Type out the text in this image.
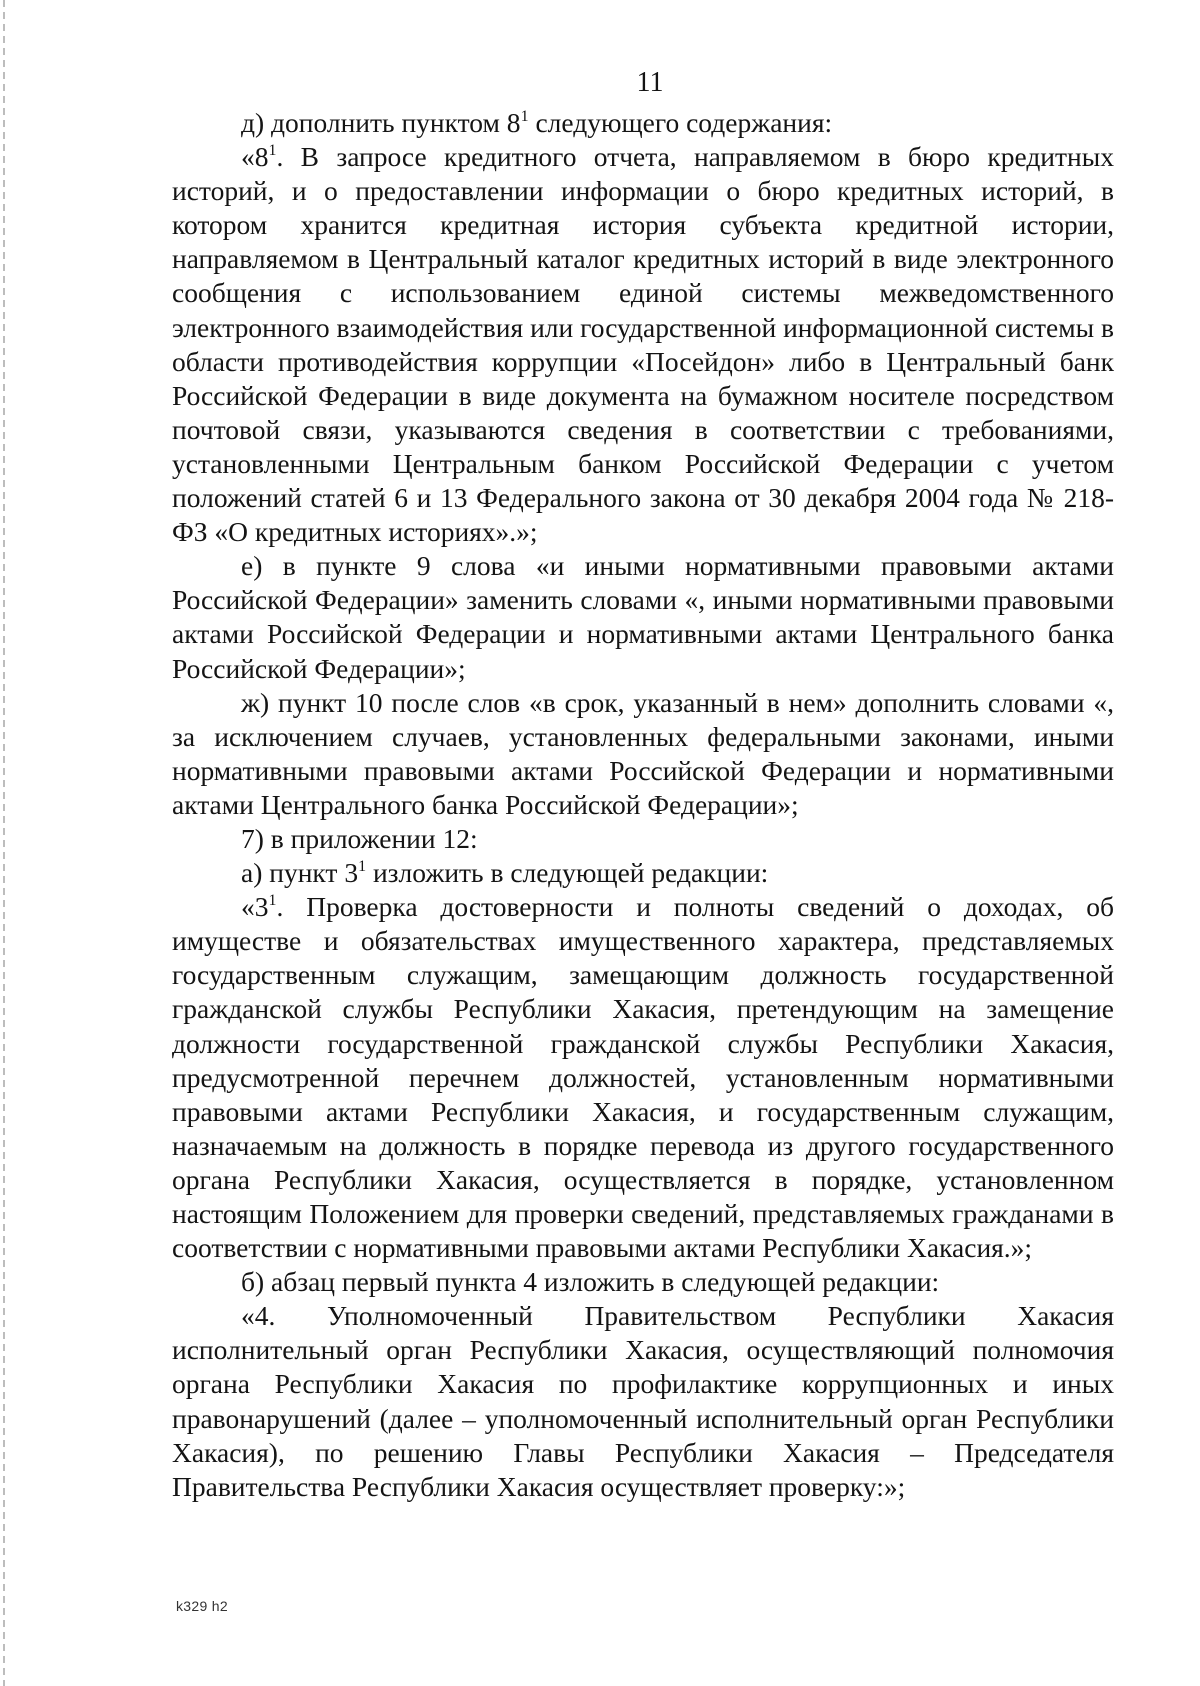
11

д) дополнить пунктом $8^1$ следующего содержания:

«$8^1$. В запросе кредитного отчета, направляемом в бюро кредитных историй, и о предоставлении информации о бюро кредитных историй, в котором хранится кредитная история субъекта кредитной истории, направляемом в Центральный каталог кредитных историй в виде электронного сообщения с использованием единой системы межведомственного электронного взаимодействия или государственной информационной системы в области противодействия коррупции «Посейдон» либо в Центральный банк Российской Федерации в виде документа на бумажном носителе посредством почтовой связи, указываются сведения в соответствии с требованиями, установленными Центральным банком Российской Федерации с учетом положений статей 6 и 13 Федерального закона от 30 декабря 2004 года № 218-ФЗ «О кредитных историях».»;

е) в пункте 9 слова «и иными нормативными правовыми актами Российской Федерации» заменить словами «, иными нормативными правовыми актами Российской Федерации и нормативными актами Центрального банка Российской Федерации»;

ж) пункт 10 после слов «в срок, указанный в нем» дополнить словами «, за исключением случаев, установленных федеральными законами, иными нормативными правовыми актами Российской Федерации и нормативными актами Центрального банка Российской Федерации»;

7) в приложении 12:

а) пункт $3^1$ изложить в следующей редакции:

«$3^1$. Проверка достоверности и полноты сведений о доходах, об имуществе и обязательствах имущественного характера, представляемых государственным служащим, замещающим должность государственной гражданской службы Республики Хакасия, претендующим на замещение должности государственной гражданской службы Республики Хакасия, предусмотренной перечнем должностей, установленным нормативными правовыми актами Республики Хакасия, и государственным служащим, назначаемым на должность в порядке перевода из другого государственного органа Республики Хакасия, осуществляется в порядке, установленном настоящим Положением для проверки сведений, представляемых гражданами в соответствии с нормативными правовыми актами Республики Хакасия.»;

б) абзац первый пункта 4 изложить в следующей редакции:

«4. Уполномоченный Правительством Республики Хакасия исполнительный орган Республики Хакасия, осуществляющий полномочия органа Республики Хакасия по профилактике коррупционных и иных правонарушений (далее – уполномоченный исполнительный орган Республики Хакасия), по решению Главы Республики Хакасия – Председателя Правительства Республики Хакасия осуществляет проверку:»;

k329 h2
